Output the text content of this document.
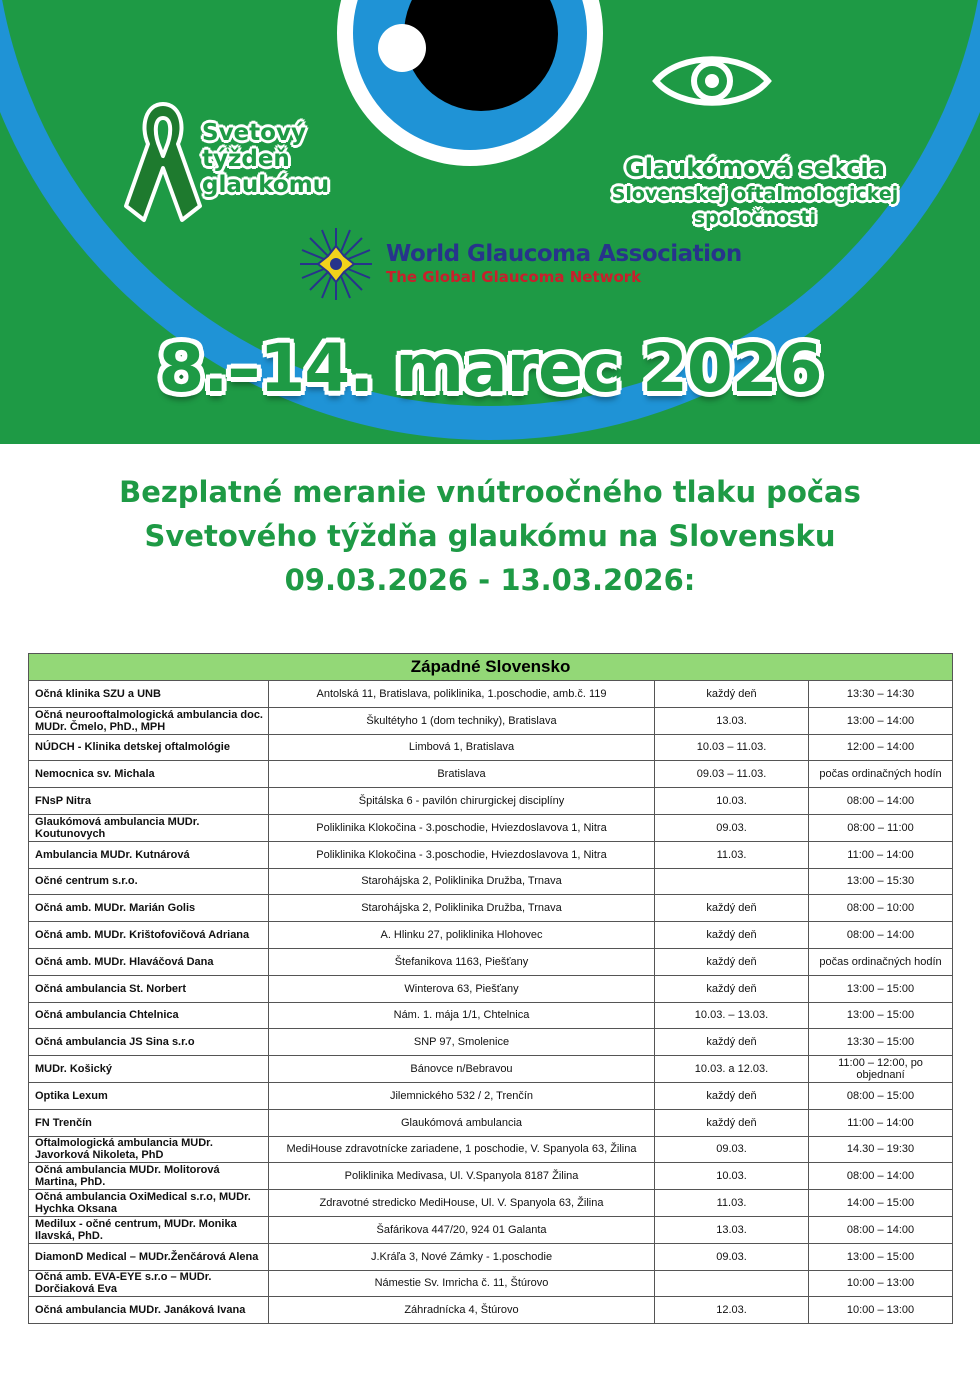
Svetový
týždeň
glaukómu
Glaukómová sekcia
Slovenskej oftalmologickej
spoločnosti
World Glaucoma Association
The Global Glaucoma Network
8.–14. marec 2026
Bezplatné meranie vnútroočného tlaku počas
Svetového týždňa glaukómu na Slovensku
09.03.2026 - 13.03.2026:
Západné Slovensko			
Očná klinika SZU a UNB	Antolská 11, Bratislava, poliklinika, 1.poschodie, amb.č. 119	každý deň	13:30 – 14:30
Očná neurooftalmologická ambulancia doc. MUDr. Čmelo, PhD., MPH	Škultétyho 1 (dom techniky), Bratislava	13.03.	13:00 – 14:00
NÚDCH - Klinika detskej oftalmológie	Limbová 1, Bratislava	10.03 – 11.03.	12:00 – 14:00
Nemocnica sv. Michala	Bratislava	09.03 – 11.03.	počas ordinačných hodín
FNsP Nitra	Špitálska 6 - pavilón chirurgickej disciplíny	10.03.	08:00 – 14:00
Glaukómová ambulancia MUDr. Koutunovych	Poliklinika Klokočina - 3.poschodie, Hviezdoslavova 1, Nitra	09.03.	08:00 – 11:00
Ambulancia MUDr. Kutnárová	Poliklinika Klokočina - 3.poschodie, Hviezdoslavova 1, Nitra	11.03.	11:00 – 14:00
Očné centrum s.r.o.	Starohájska 2, Poliklinika Družba, Trnava		13:00 – 15:30
Očná amb. MUDr. Marián Golis	Starohájska 2, Poliklinika Družba, Trnava	každý deň	08:00 – 10:00
Očná amb. MUDr. Krištofovičová Adriana	A. Hlinku 27, poliklinika Hlohovec	každý deň	08:00 – 14:00
Očná amb. MUDr. Hlaváčová Dana	Štefanikova 1163, Piešťany	každý deň	počas ordinačných hodín
Očná ambulancia St. Norbert	Winterova 63, Piešťany	každý deň	13:00 – 15:00
Očná ambulancia Chtelnica	Nám. 1. mája 1/1, Chtelnica	10.03. – 13.03.	13:00 – 15:00
Očná ambulancia JS Sina s.r.o	SNP 97, Smolenice	každý deň	13:30 – 15:00
MUDr. Košický	Bánovce n/Bebravou	10.03. a 12.03.	11:00 – 12:00, po objednaní
Optika Lexum	Jilemnického 532 / 2, Trenčín	každý deň	08:00 – 15:00
FN Trenčín	Glaukómová ambulancia	každý deň	11:00 – 14:00
Oftalmologická ambulancia MUDr. Javorková Nikoleta, PhD	MediHouse zdravotnícke zariadene, 1 poschodie, V. Spanyola 63, Žilina	09.03.	14.30 – 19:30
Očná ambulancia MUDr. Molitorová Martina, PhD.	Poliklinika Medivasa, Ul. V.Spanyola 8187 Žilina	10.03.	08:00 – 14:00
Očná ambulancia OxiMedical s.r.o, MUDr. Hychka Oksana	Zdravotné stredicko MediHouse, Ul. V. Spanyola 63, Žilina	11.03.	14:00 – 15:00
Medilux - očné centrum, MUDr. Monika Ilavská, PhD.	Šafárikova 447/20, 924 01 Galanta	13.03.	08:00 – 14:00
DiamonD Medical – MUDr.Ženčárová Alena	J.Kráľa 3, Nové Zámky - 1.poschodie	09.03.	13:00 – 15:00
Očná amb. EVA-EYE s.r.o – MUDr. Dorčiaková Eva	Námestie Sv. Imricha č. 11, Štúrovo		10:00 – 13:00
Očná ambulancia MUDr. Janáková Ivana	Záhradnícka 4, Štúrovo	12.03.	10:00 – 13:00
